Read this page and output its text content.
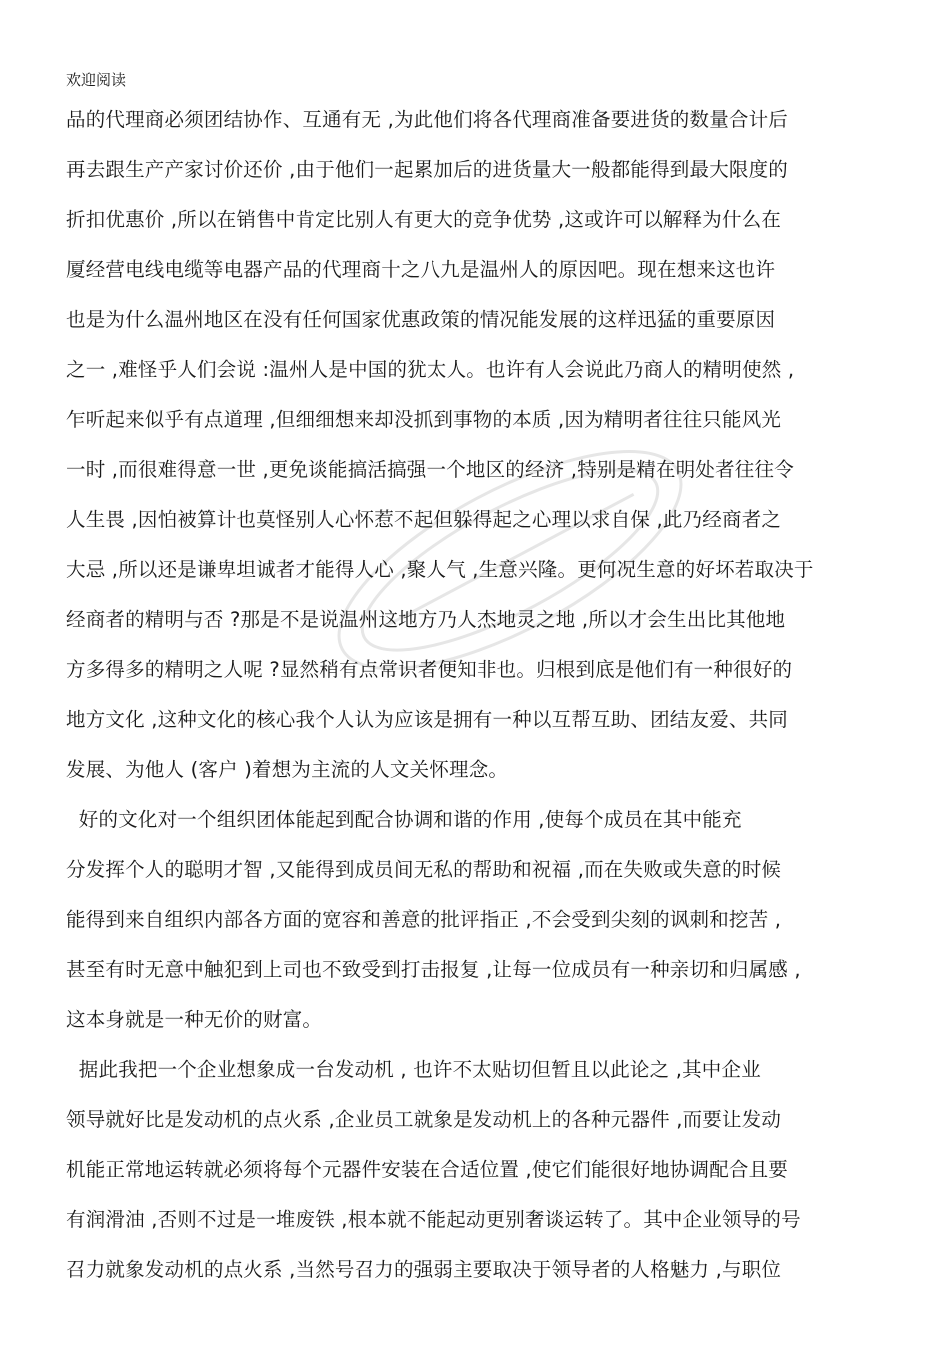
欢迎阅读
品的代理商必须团结协作、互通有无 ,为此他们将各代理商准备要进货的数量合计后
再去跟生产产家讨价还价 ,由于他们一起累加后的进货量大一般都能得到最大限度的
折扣优惠价 ,所以在销售中肯定比别人有更大的竞争优势 ,这或许可以解释为什么在
厦经营电线电缆等电器产品的代理商十之八九是温州人的原因吧。现在想来这也许
也是为什么温州地区在没有任何国家优惠政策的情况能发展的这样迅猛的重要原因
之一 ,难怪乎人们会说 :温州人是中国的犹太人。也许有人会说此乃商人的精明使然 ,
乍听起来似乎有点道理 ,但细细想来却没抓到事物的本质 ,因为精明者往往只能风光
一时 ,而很难得意一世 ,更免谈能搞活搞强一个地区的经济 ,特别是精在明处者往往令
人生畏 ,因怕被算计也莫怪别人心怀惹不起但躲得起之心理以求自保 ,此乃经商者之
大忌 ,所以还是谦卑坦诚者才能得人心 ,聚人气 ,生意兴隆。更何况生意的好坏若取决于
经商者的精明与否 ?那是不是说温州这地方乃人杰地灵之地 ,所以才会生出比其他地
方多得多的精明之人呢 ?显然稍有点常识者便知非也。归根到底是他们有一种很好的
地方文化 ,这种文化的核心我个人认为应该是拥有一种以互帮互助、团结友爱、共同
发展、为他人 (客户 )着想为主流的人文关怀理念。
好的文化对一个组织团体能起到配合协调和谐的作用 ,使每个成员在其中能充
分发挥个人的聪明才智 ,又能得到成员间无私的帮助和祝福 ,而在失败或失意的时候
能得到来自组织内部各方面的宽容和善意的批评指正 ,不会受到尖刻的讽刺和挖苦 ,
甚至有时无意中触犯到上司也不致受到打击报复 ,让每一位成员有一种亲切和归属感 ,
这本身就是一种无价的财富。
据此我把一个企业想象成一台发动机 , 也许不太贴切但暂且以此论之 ,其中企业
领导就好比是发动机的点火系 ,企业员工就象是发动机上的各种元器件 ,而要让发动
机能正常地运转就必须将每个元器件安装在合适位置 ,使它们能很好地协调配合且要
有润滑油 ,否则不过是一堆废铁 ,根本就不能起动更别奢谈运转了。其中企业领导的号
召力就象发动机的点火系 ,当然号召力的强弱主要取决于领导者的人格魅力 ,与职位
